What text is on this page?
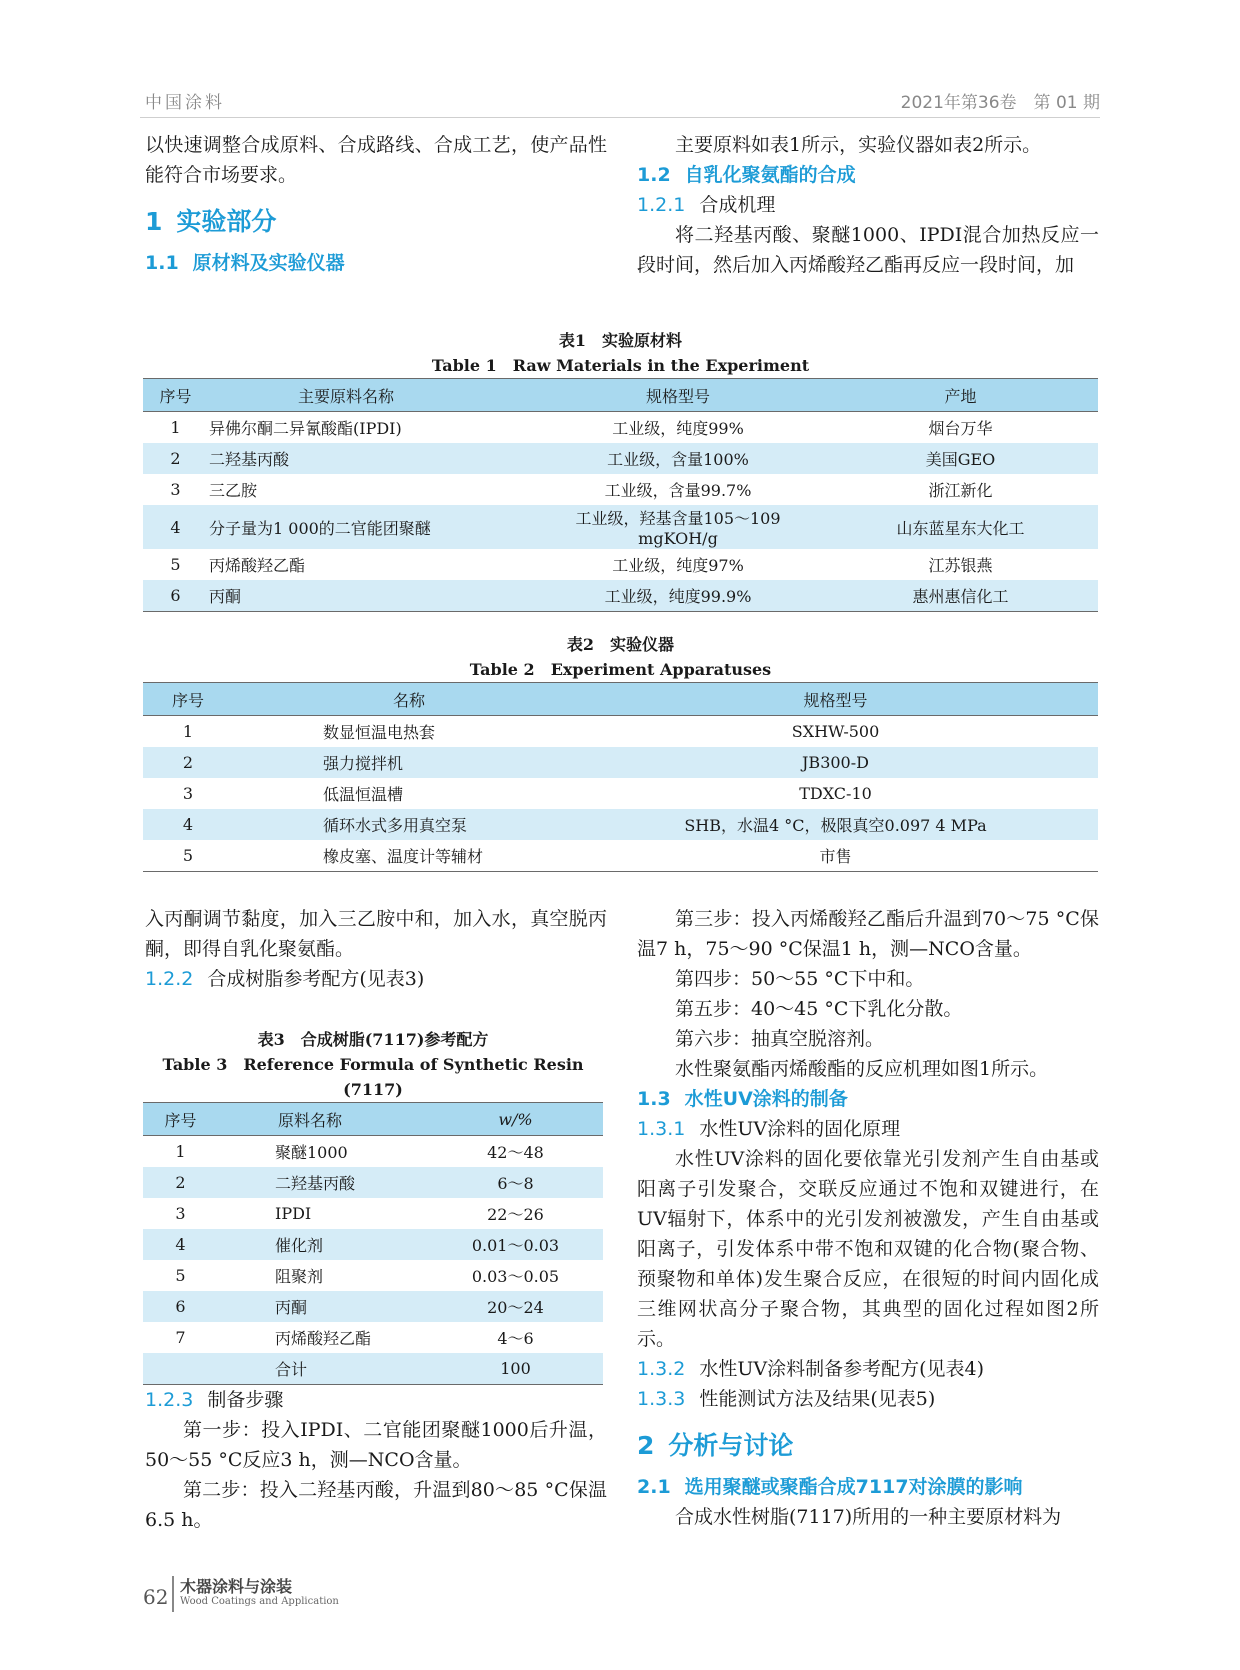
中国涂料	2021年第36卷　第 01 期

以快速调整合成原料、合成路线、合成工艺，使产品性能符合市场要求。

1 实验部分
1.1 原材料及实验仪器

主要原料如表1所示，实验仪器如表2所示。

1.2 自乳化聚氨酯的合成
1.2.1 合成机理

将二羟基丙酸、聚醚1000、IPDI混合加热反应一段时间，然后加入丙烯酸羟乙酯再反应一段时间，加

表1　实验原材料
Table 1　Raw Materials in the Experiment
序号	主要原料名称	规格型号	产地
1	异佛尔酮二异氰酸酯(IPDI)	工业级，纯度99%	烟台万华
2	二羟基丙酸	工业级，含量100%	美国GEO
3	三乙胺	工业级，含量99.7%	浙江新化
4	分子量为1 000的二官能团聚醚	工业级，羟基含量105～109 mgKOH/g	山东蓝星东大化工
5	丙烯酸羟乙酯	工业级，纯度97%	江苏银燕
6	丙酮	工业级，纯度99.9%	惠州惠信化工
表2　实验仪器
Table 2　Experiment Apparatuses
序号	名称	规格型号
1	数显恒温电热套	SXHW-500
2	强力搅拌机	JB300-D
3	低温恒温槽	TDXC-10
4	循环水式多用真空泵	SHB，水温4 °C，极限真空0.097 4 MPa
5	橡皮塞、温度计等辅材	市售

入丙酮调节黏度，加入三乙胺中和，加入水，真空脱丙酮，即得自乳化聚氨酯。

1.2.2 合成树脂参考配方(见表3)
表3　合成树脂(7117)参考配方
Table 3　Reference Formula of Synthetic Resin (7117)
序号	原料名称	w/%
1	聚醚1000	42～48
2	二羟基丙酸	6～8
3	IPDI	22～26
4	催化剂	0.01～0.03
5	阻聚剂	0.03～0.05
6	丙酮	20～24
7	丙烯酸羟乙酯	4～6
	合计	100
1.2.3 制备步骤

第一步：投入IPDI、二官能团聚醚1000后升温，50～55 °C反应3 h，测—NCO含量。

第二步：投入二羟基丙酸，升温到80～85 °C保温6.5 h。

第三步：投入丙烯酸羟乙酯后升温到70～75 °C保温7 h，75～90 °C保温1 h，测—NCO含量。

第四步：50～55 °C下中和。

第五步：40～45 °C下乳化分散。

第六步：抽真空脱溶剂。

水性聚氨酯丙烯酸酯的反应机理如图1所示。

1.3 水性UV涂料的制备
1.3.1 水性UV涂料的固化原理

水性UV涂料的固化要依靠光引发剂产生自由基或阳离子引发聚合，交联反应通过不饱和双键进行，在UV辐射下，体系中的光引发剂被激发，产生自由基或阳离子，引发体系中带不饱和双键的化合物(聚合物、预聚物和单体)发生聚合反应，在很短的时间内固化成三维网状高分子聚合物，其典型的固化过程如图2所示。

1.3.2 水性UV涂料制备参考配方(见表4)
1.3.3 性能测试方法及结果(见表5)
2 分析与讨论
2.1 选用聚醚或聚酯合成7117对涂膜的影响

合成水性树脂(7117)所用的一种主要原材料为

62 木器涂料与涂装
Wood Coatings and Application
